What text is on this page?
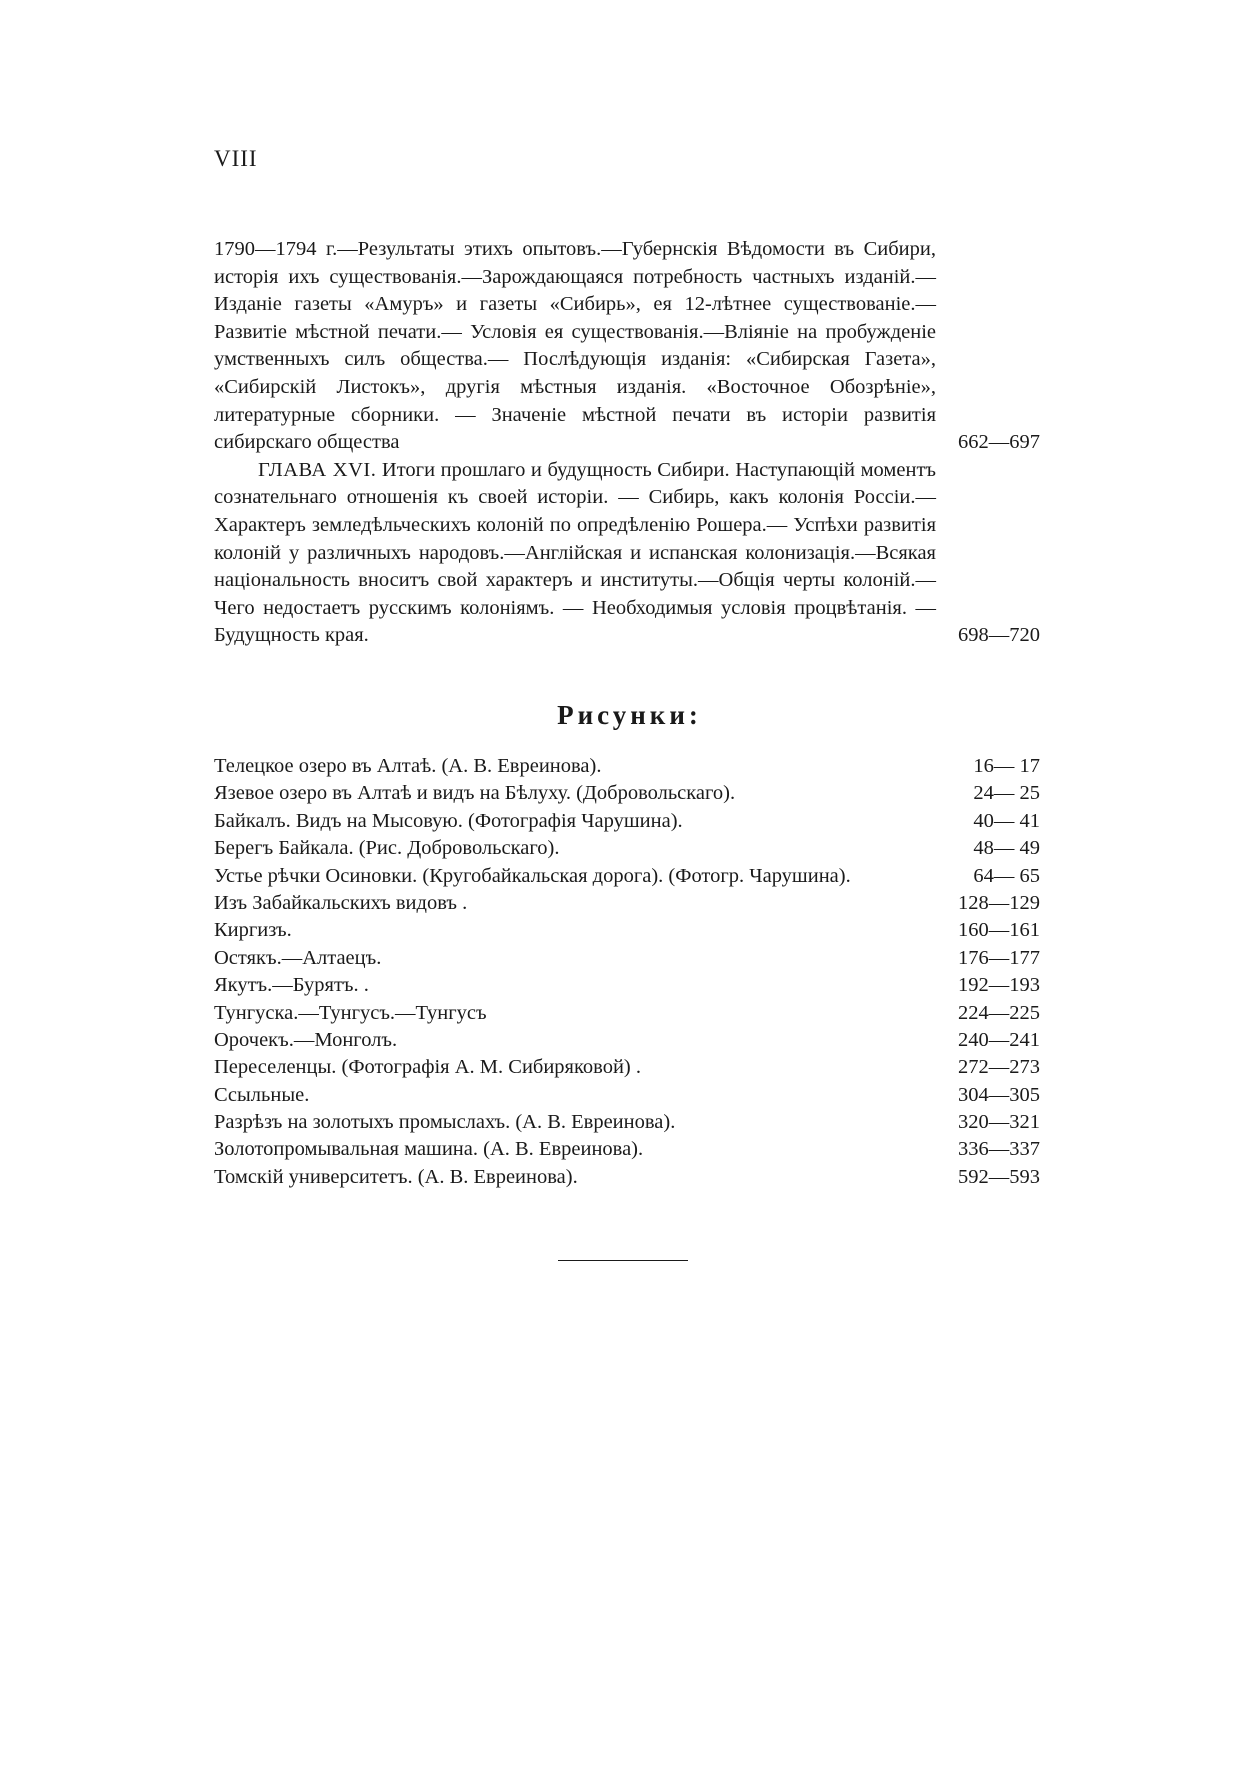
VIII
1790—1794 г.—Результаты этихъ опытовъ.—Губернскія Вѣдомости въ Сибири, исторія ихъ существованія.—Зарождающаяся потребность частныхъ изданій.—Изданіе газеты «Амуръ» и газеты «Сибирь», ея 12-лѣтнее существованіе.— Развитіе мѣстной печати.— Условія ея существованія.—Вліяніе на пробужденіе умственныхъ силъ общества.— Послѣдующія изданія: «Сибирская Газета», «Сибирскій Листокъ», другія мѣстныя изданія. «Восточное Обозрѣніе», литературные сборники. — Значеніе мѣстной печати въ исторіи развитія сибирскаго общества	662—697
ГЛАВА XVI. Итоги прошлаго и будущность Сибири. Наступающій моментъ сознательнаго отношенія къ своей исторіи. — Сибирь, какъ колонія Россіи.—Характеръ земледѣльческихъ колоній по опредѣленію Рошера.— Успѣхи развитія колоній у различныхъ народовъ.—Англійская и испанская колонизація.—Всякая національность вноситъ свой характеръ и институты.—Общія черты колоній.—Чего недостаетъ русскимъ колоніямъ. — Необходимыя условія процвѣтанія. — Будущность края.	698—720
Рисунки:
Телецкое озеро въ Алтаѣ. (А. В. Евреинова).	16— 17
Язевое озеро въ Алтаѣ и видъ на Бѣлуху. (Добровольскаго).	24— 25
Байкалъ. Видъ на Мысовую. (Фотографія Чарушина).	40— 41
Берегъ Байкала. (Рис. Добровольскаго).	48— 49
Устье рѣчки Осиновки. (Кругобайкальская дорога). (Фотогр. Чарушина).	64— 65
Изъ Забайкальскихъ видовъ .	128—129
Киргизъ.	160—161
Остякъ.—Алтаецъ.	176—177
Якутъ.—Бурятъ. .	192—193
Тунгуска.—Тунгусъ.—Тунгусъ	224—225
Орочекъ.—Монголъ.	240—241
Переселенцы. (Фотографія А. М. Сибиряковой) .	272—273
Ссыльные.	304—305
Разрѣзъ на золотыхъ промыслахъ. (А. В. Евреинова).	320—321
Золотопромывальная машина. (А. В. Евреинова).	336—337
Томскій университетъ. (А. В. Евреинова).	592—593
